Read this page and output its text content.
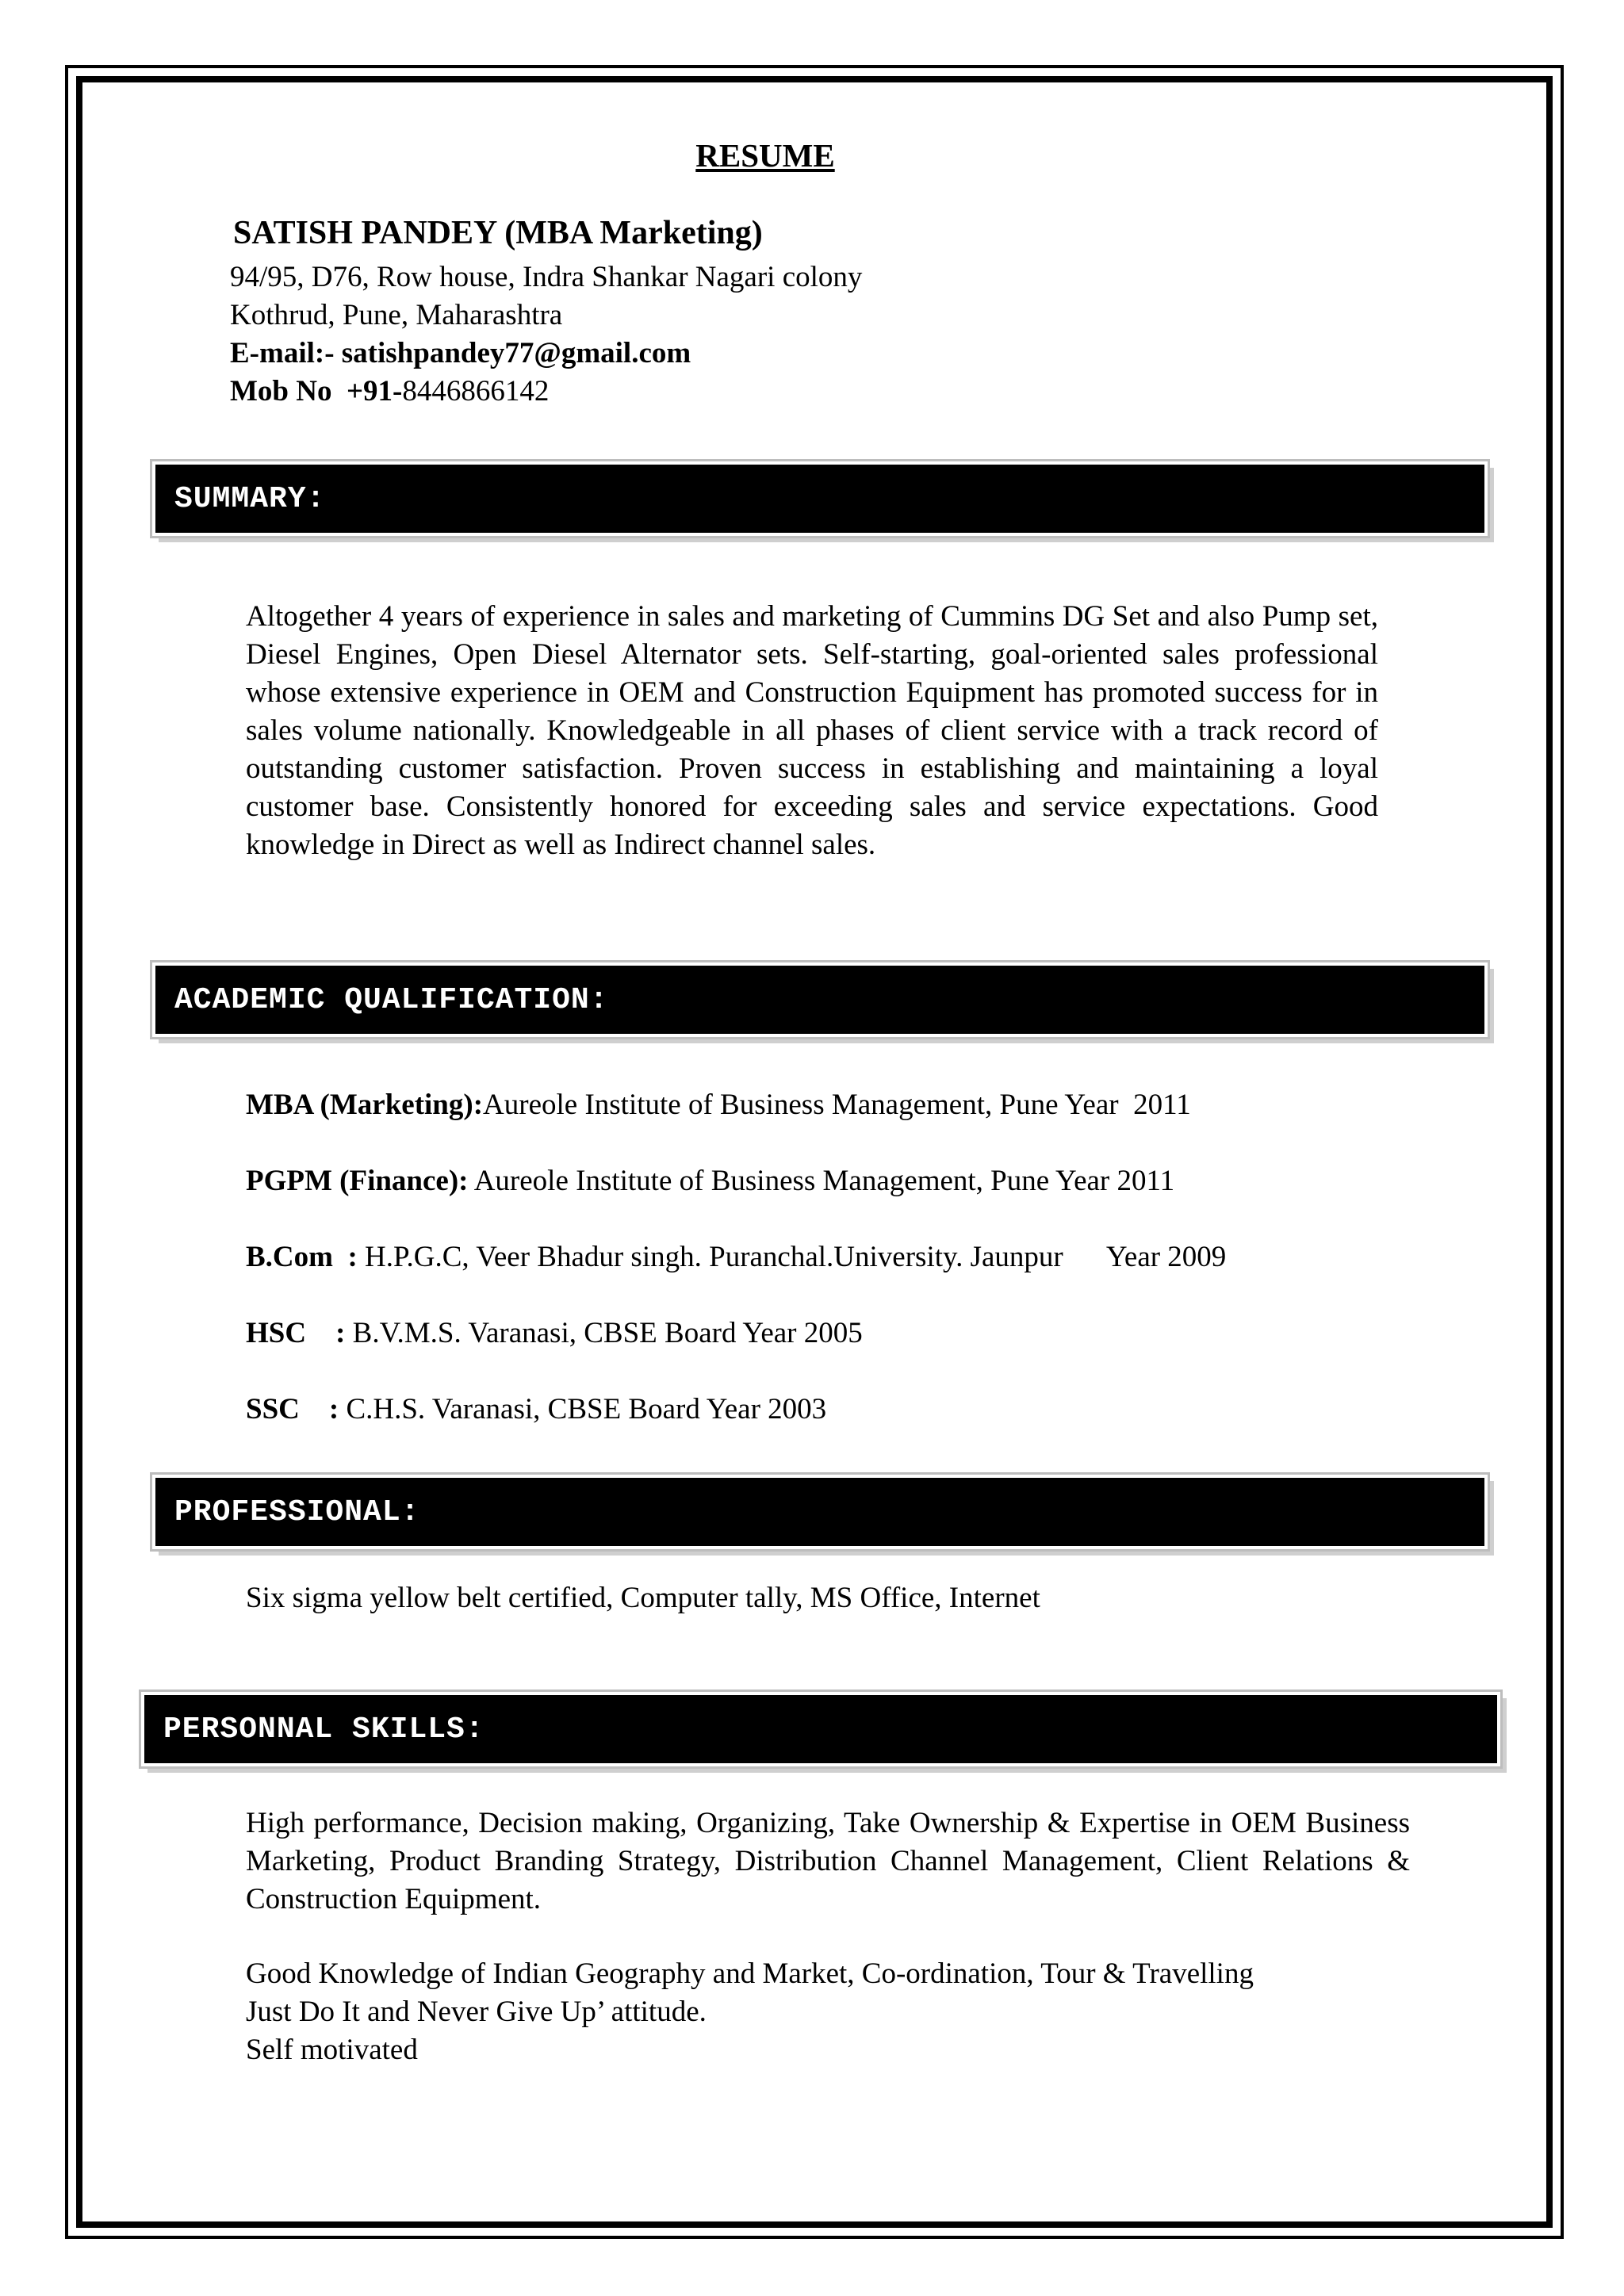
RESUME
SATISH PANDEY (MBA Marketing)
94/95, D76, Row house, Indra Shankar Nagari colony
Kothrud, Pune, Maharashtra
E-mail:- satishpandey77@gmail.com
Mob No  +91-8446866142
SUMMARY:
Altogether 4 years of experience in sales and marketing of Cummins DG Set and also Pump set, Diesel Engines, Open Diesel Alternator sets. Self-starting, goal-oriented sales professional whose extensive experience in OEM and Construction Equipment has promoted success for in sales volume nationally. Knowledgeable in all phases of client service with a track record of outstanding customer satisfaction. Proven success in establishing and maintaining a loyal customer base. Consistently honored for exceeding sales and service expectations. Good knowledge in Direct as well as Indirect channel sales.
ACADEMIC QUALIFICATION:
MBA (Marketing):Aureole Institute of Business Management, Pune Year  2011
PGPM (Finance): Aureole Institute of Business Management, Pune Year 2011
B.Com  : H.P.G.C, Veer Bhadur singh. Puranchal.University. Jaunpur      Year 2009
HSC    : B.V.M.S. Varanasi, CBSE Board Year 2005
SSC    : C.H.S. Varanasi, CBSE Board Year 2003
PROFESSIONAL:
Six sigma yellow belt certified, Computer tally, MS Office, Internet
PERSONNAL SKILLS:
High performance, Decision making, Organizing, Take Ownership & Expertise in OEM Business Marketing, Product Branding Strategy, Distribution Channel Management, Client Relations & Construction Equipment.
Good Knowledge of Indian Geography and Market, Co-ordination, Tour & Travelling
Just Do It and Never Give Up’ attitude.
Self motivated
